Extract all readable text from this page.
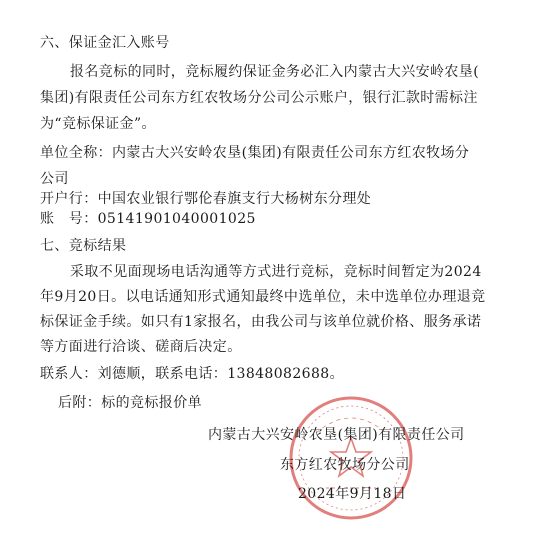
六、保证金汇入账号
报名竞标的同时，竞标履约保证金务必汇入内蒙古大兴安岭农垦(
集团)有限责任公司东方红农牧场分公司公示账户，银行汇款时需标注
为“竞标保证金”。
单位全称：内蒙古大兴安岭农垦(集团)有限责任公司东方红农牧场分
公司
开户行：中国农业银行鄂伦春旗支行大杨树东分理处
账　号：05141901040001025
七、竞标结果
采取不见面现场电话沟通等方式进行竞标，竞标时间暂定为2024
年9月20日。以电话通知形式通知最终中选单位，未中选单位办理退竞
标保证金手续。如只有1家报名，由我公司与该单位就价格、服务承诺
等方面进行洽谈、磋商后决定。
联系人：刘德顺，联系电话：13848082688。
后附：标的竞标报价单
内蒙古大兴安岭农垦(集团)有限责任公司
东方红农牧场分公司
2024年9月18日
